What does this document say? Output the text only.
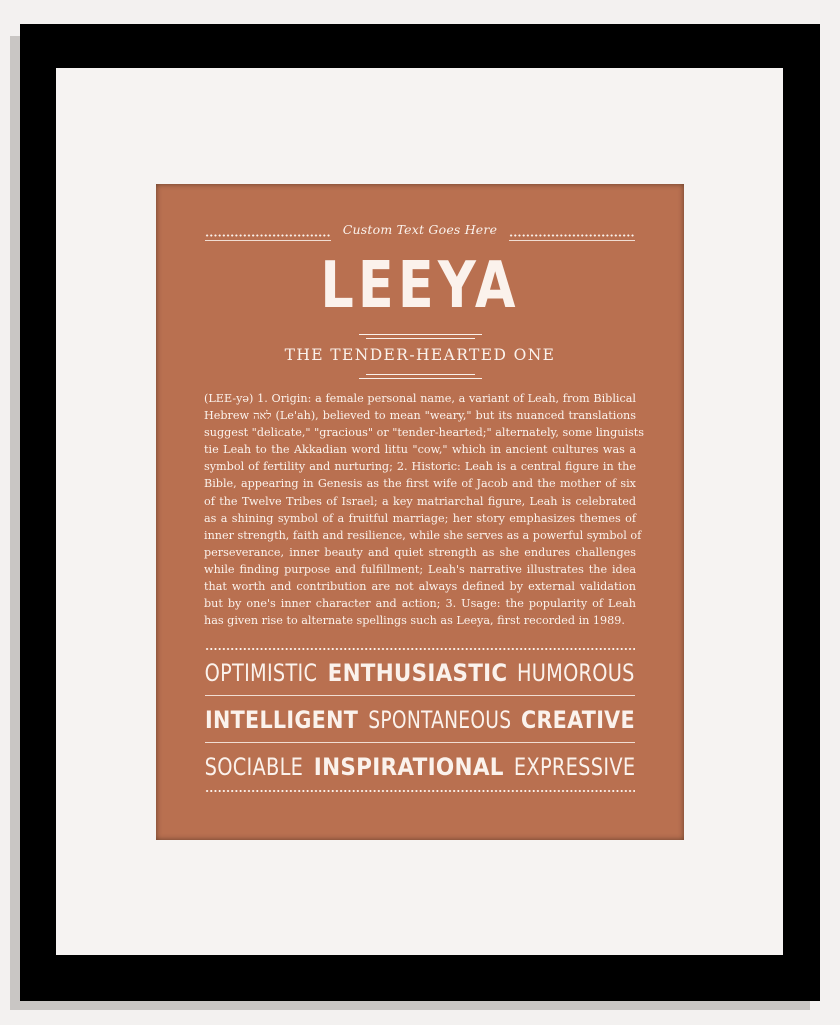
Custom Text Goes Here
LEEYA
THE TENDER-HEARTED ONE
(LEE-yə) 1. Origin: a female personal name, a variant of Leah, from Biblical
Hebrew לאה (Le'ah), believed to mean "weary," but its nuanced translations
suggest "delicate," "gracious" or "tender-hearted;" alternately, some linguists
tie Leah to the Akkadian word littu "cow," which in ancient cultures was a
symbol of fertility and nurturing; 2. Historic: Leah is a central figure in the
Bible, appearing in Genesis as the first wife of Jacob and the mother of six
of the Twelve Tribes of Israel; a key matriarchal figure, Leah is celebrated
as a shining symbol of a fruitful marriage; her story emphasizes themes of
inner strength, faith and resilience, while she serves as a powerful symbol of
perseverance, inner beauty and quiet strength as she endures challenges
while finding purpose and fulfillment; Leah's narrative illustrates the idea
that worth and contribution are not always defined by external validation
but by one's inner character and action; 3. Usage: the popularity of Leah
has given rise to alternate spellings such as Leeya, first recorded in 1989.
OPTIMISTIC ENTHUSIASTIC HUMOROUS
INTELLIGENT SPONTANEOUS CREATIVE
SOCIABLE INSPIRATIONAL EXPRESSIVE
